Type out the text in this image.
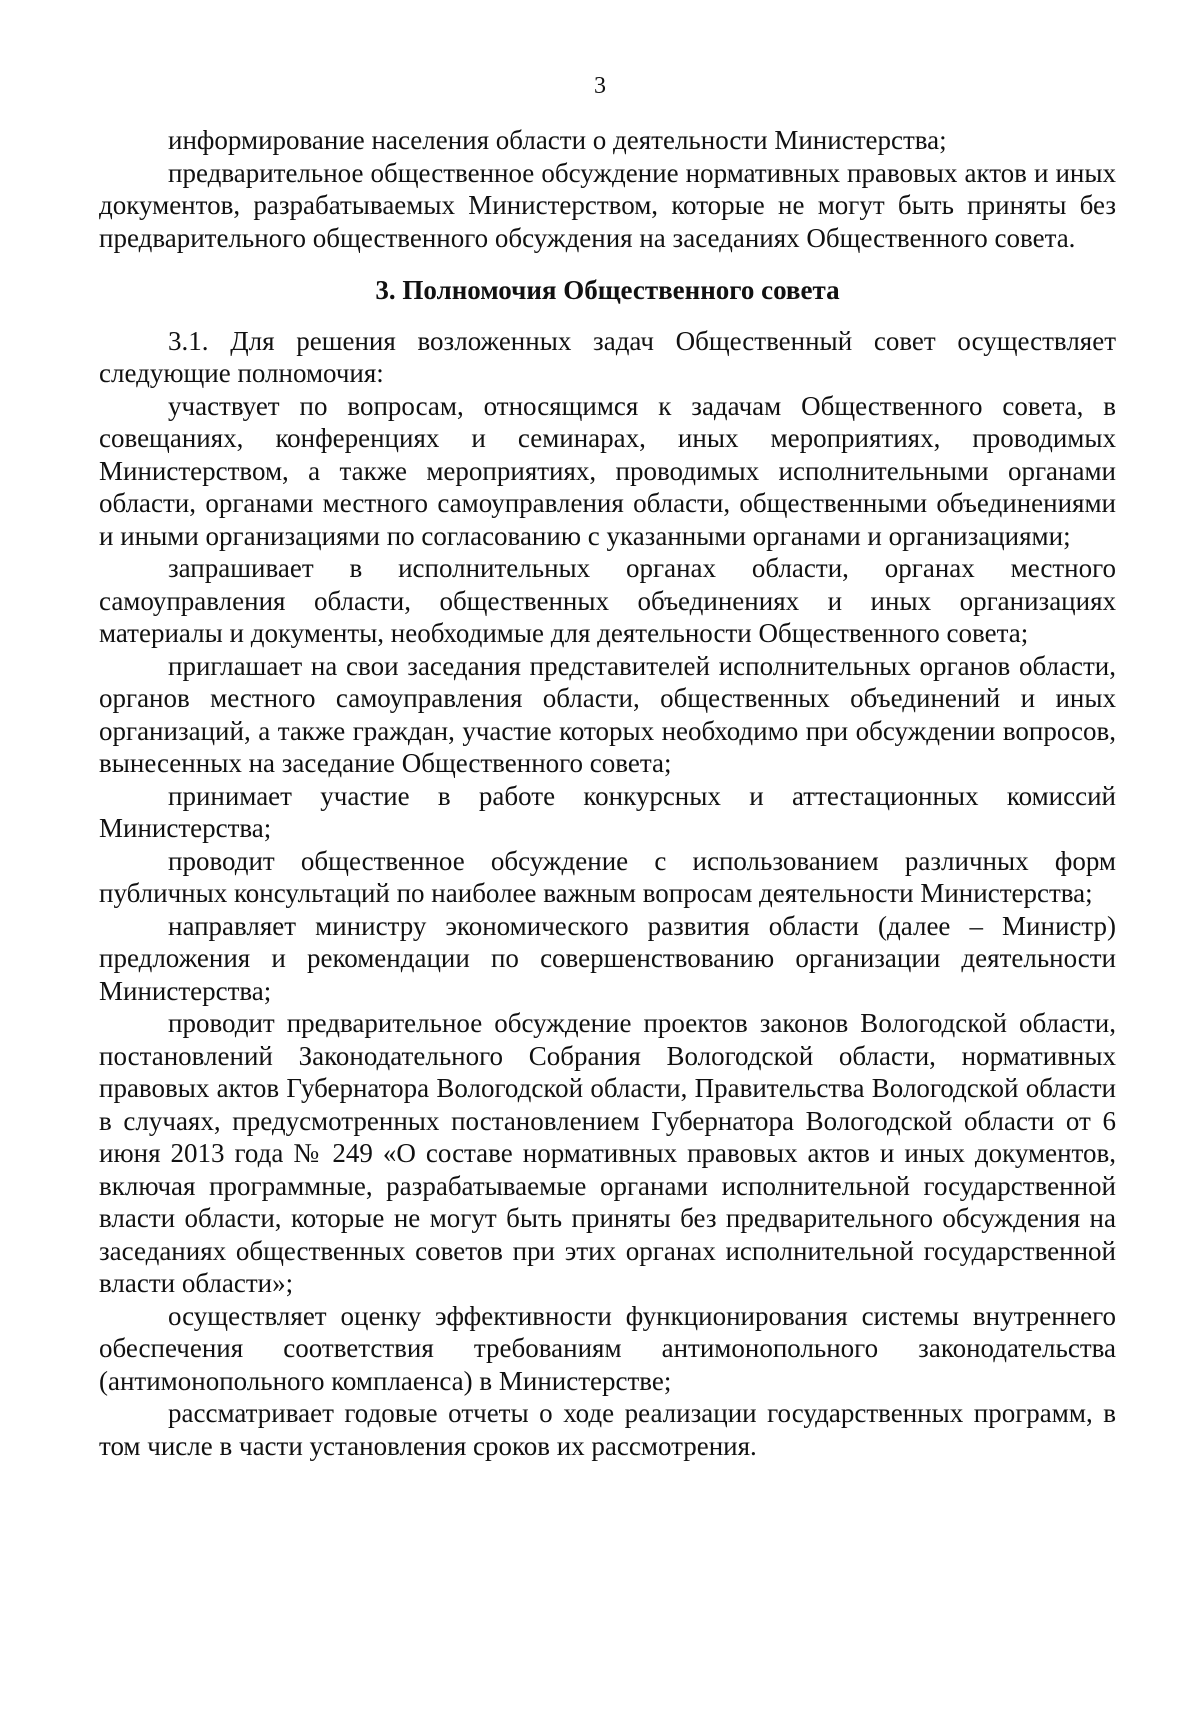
3

информирование населения области о деятельности Министерства;

предварительное общественное обсуждение нормативных правовых актов и иных документов, разрабатываемых Министерством, которые не могут быть приняты без предварительного общественного обсуждения на заседаниях Общественного совета.

3. Полномочия Общественного совета

3.1. Для решения возложенных задач Общественный совет осуществляет следующие полномочия:

участвует по вопросам, относящимся к задачам Общественного совета, в совещаниях, конференциях и семинарах, иных мероприятиях, проводимых Министерством, а также мероприятиях, проводимых исполнительными органами области, органами местного самоуправления области, общественными объединениями и иными организациями по согласованию с указанными органами и организациями;

запрашивает в исполнительных органах области, органах местного самоуправления области, общественных объединениях и иных организациях материалы и документы, необходимые для деятельности Общественного совета;

приглашает на свои заседания представителей исполнительных органов области, органов местного самоуправления области, общественных объединений и иных организаций, а также граждан, участие которых необходимо при обсуждении вопросов, вынесенных на заседание Общественного совета;

принимает участие в работе конкурсных и аттестационных комиссий Министерства;

проводит общественное обсуждение с использованием различных форм публичных консультаций по наиболее важным вопросам деятельности Министерства;

направляет министру экономического развития области (далее – Министр) предложения и рекомендации по совершенствованию организации деятельности Министерства;

проводит предварительное обсуждение проектов законов Вологодской области, постановлений Законодательного Собрания Вологодской области, нормативных правовых актов Губернатора Вологодской области, Правительства Вологодской области в случаях, предусмотренных постановлением Губернатора Вологодской области от 6 июня 2013 года № 249 «О составе нормативных правовых актов и иных документов, включая программные, разрабатываемые органами исполнительной государственной власти области, которые не могут быть приняты без предварительного обсуждения на заседаниях общественных советов при этих органах исполнительной государственной власти области»;

осуществляет оценку эффективности функционирования системы внутреннего обеспечения соответствия требованиям антимонопольного законодательства (антимонопольного комплаенса) в Министерстве;

рассматривает годовые отчеты о ходе реализации государственных программ, в том числе в части установления сроков их рассмотрения.
